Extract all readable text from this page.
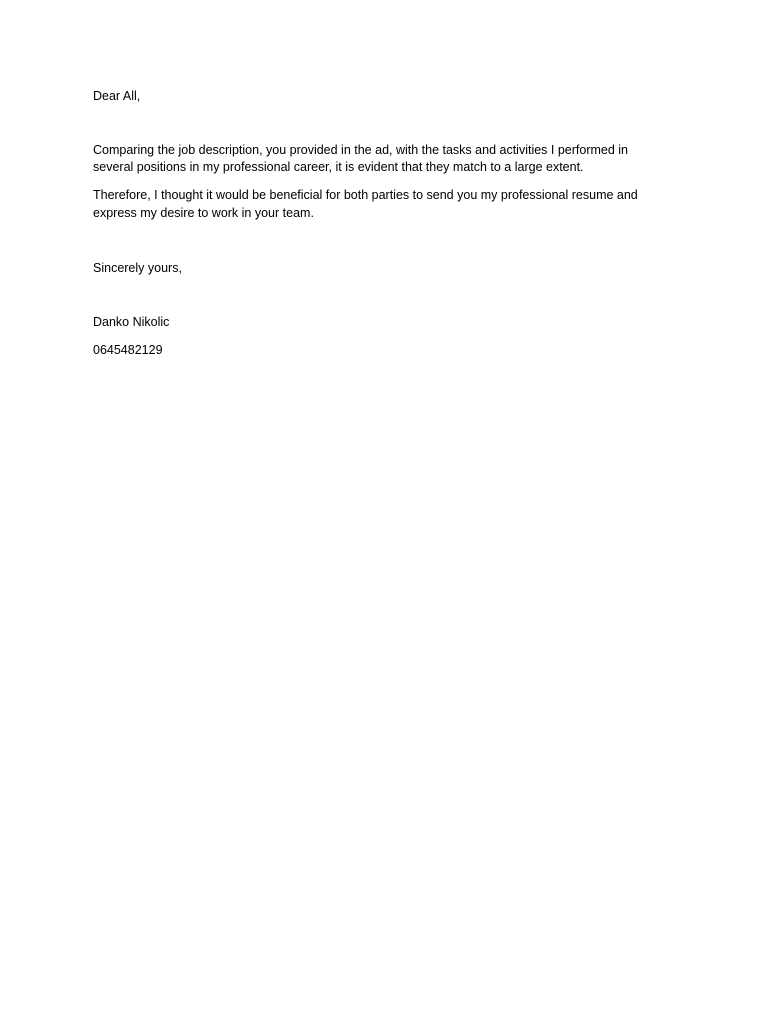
Dear All,
Comparing the job description, you provided in the ad, with the tasks and activities I performed in
several positions in my professional career, it is evident that they match to a large extent.
Therefore, I thought it would be beneficial for both parties to send you my professional resume and
express my desire to work in your team.
Sincerely yours,
Danko Nikolic
0645482129
